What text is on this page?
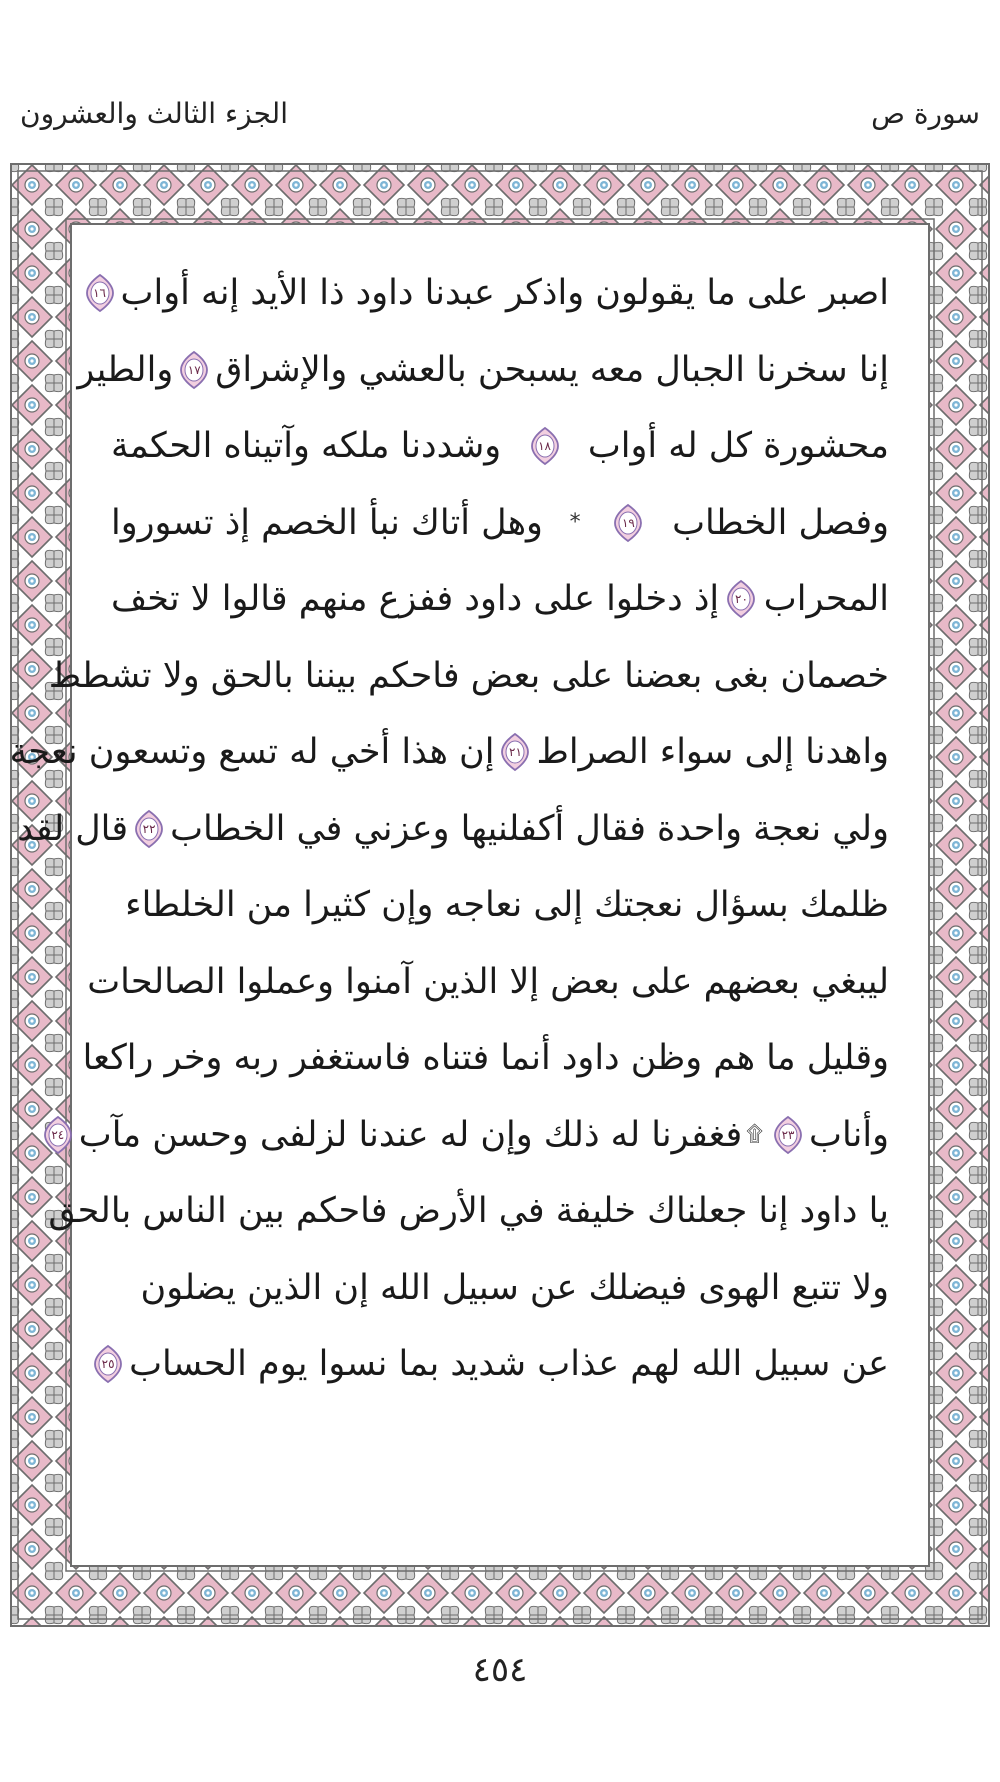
سورة ص
الجزء الثالث والعشرون
اصبر على ما يقولون واذكر عبدنا داود ذا الأيد إنه أواب
١٦
إنا سخرنا الجبال معه يسبحن بالعشي والإشراق
١٧
والطير
محشورة كل له أواب
١٨
وشددنا ملكه وآتيناه الحكمة
وفصل الخطاب
١٩
*
وهل أتاك نبأ الخصم إذ تسوروا
المحراب
٢٠
إذ دخلوا على داود ففزع منهم قالوا لا تخف
خصمان بغى بعضنا على بعض فاحكم بيننا بالحق ولا تشطط
واهدنا إلى سواء الصراط
٢١
إن هذا أخي له تسع وتسعون نعجة
ولي نعجة واحدة فقال أكفلنيها وعزني في الخطاب
٢٢
قال لقد
ظلمك بسؤال نعجتك إلى نعاجه وإن كثيرا من الخلطاء
ليبغي بعضهم على بعض إلا الذين آمنوا وعملوا الصالحات
وقليل ما هم وظن داود أنما فتناه فاستغفر ربه وخر راكعا
وأناب
٢٣
۩
فغفرنا له ذلك وإن له عندنا لزلفى وحسن مآب
٢٤
يا داود إنا جعلناك خليفة في الأرض فاحكم بين الناس بالحق
ولا تتبع الهوى فيضلك عن سبيل الله إن الذين يضلون
عن سبيل الله لهم عذاب شديد بما نسوا يوم الحساب
٢٥
٤٥٤
